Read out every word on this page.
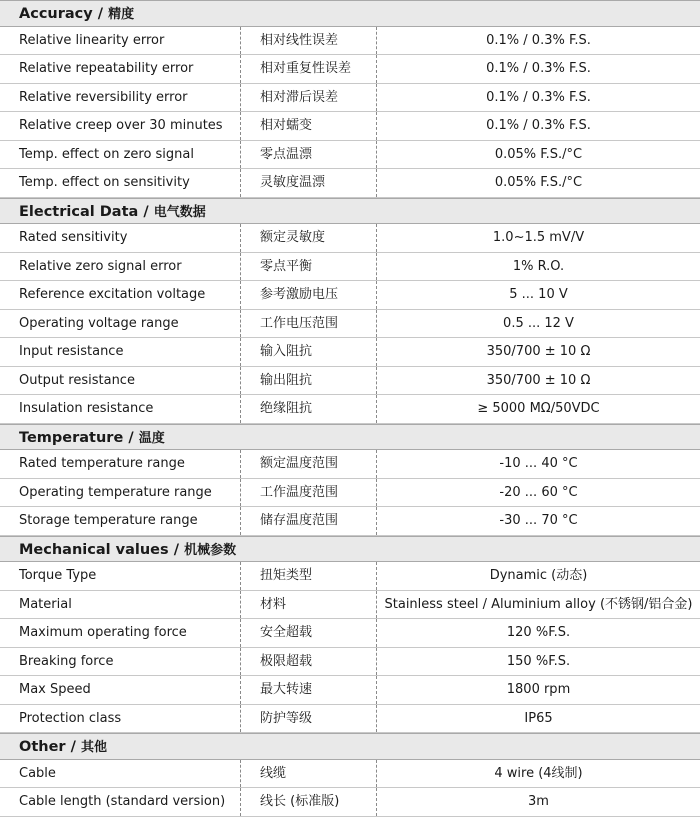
Accuracy / 精度
Relative linearity error	相对线性误差	0.1% / 0.3% F.S.
Relative repeatability error	相对重复性误差	0.1% / 0.3% F.S.
Relative reversibility error	相对滞后误差	0.1% / 0.3% F.S.
Relative creep over 30 minutes	相对蠕变	0.1% / 0.3% F.S.
Temp. effect on zero signal	零点温漂	0.05% F.S./°C
Temp. effect on sensitivity	灵敏度温漂	0.05% F.S./°C
Electrical Data / 电气数据
Rated sensitivity	额定灵敏度	1.0~1.5 mV/V
Relative zero signal error	零点平衡	1% R.O.
Reference excitation voltage	参考激励电压	5 ... 10 V
Operating voltage range	工作电压范围	0.5 ... 12 V
Input resistance	输入阻抗	350/700 ± 10 Ω
Output resistance	输出阻抗	350/700 ± 10 Ω
Insulation resistance	绝缘阻抗	≥ 5000 MΩ/50VDC
Temperature / 温度
Rated temperature range	额定温度范围	-10 ... 40 °C
Operating temperature range	工作温度范围	-20 ... 60 °C
Storage temperature range	储存温度范围	-30 ... 70 °C
Mechanical values / 机械参数
Torque Type	扭矩类型	Dynamic (动态)
Material	材料	Stainless steel / Aluminium alloy (不锈钢/铝合金)
Maximum operating force	安全超载	120 %F.S.
Breaking force	极限超载	150 %F.S.
Max Speed	最大转速	1800 rpm
Protection class	防护等级	IP65
Other / 其他
Cable	线缆	4 wire (4线制)
Cable length (standard version)	线长 (标准版)	3m
